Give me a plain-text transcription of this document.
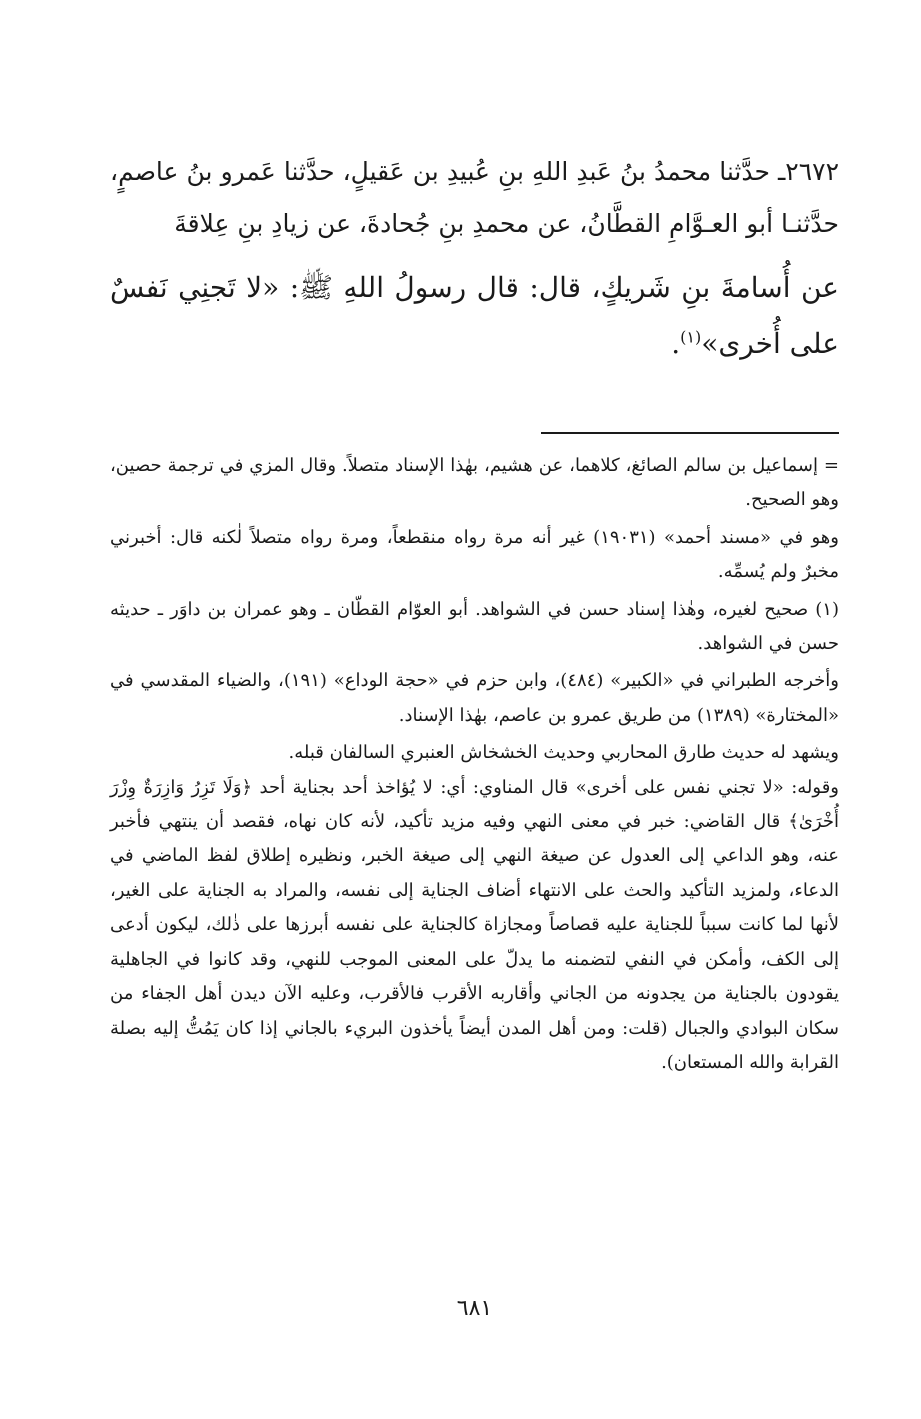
٢٦٧٢ـ حدَّثنا محمدُ بنُ عَبدِ اللهِ بنِ عُبيدِ بن عَقيلٍ، حدَّثنا عَمرو بنُ عاصمٍ، حدَّثنـا أبو العـوَّامِ القطَّانُ، عن محمدِ بنِ جُحادةَ، عن زيادِ بنِ عِلاقةَ

عن أُسامةَ بنِ شَريكٍ، قال: قال رسولُ اللهِ ﷺ: «لا تَجنِي نَفسٌ على أُخرى»$^{(١)}$.

= إسماعيل بن سالم الصائغ، كلاهما، عن هشيم، بهٰذا الإسناد متصلاً. وقال المزي في ترجمة حصين، وهو الصحيح.

وهو في «مسند أحمد» (١٩٠٣١) غير أنه مرة رواه منقطعاً، ومرة رواه متصلاً لٰكنه قال: أخبرني مخبرٌ ولم يُسمِّه.

(١) صحيح لغيره، وهٰذا إسناد حسن في الشواهد. أبو العوّام القطّان ـ وهو عمران بن داوَر ـ حديثه حسن في الشواهد.

وأخرجه الطبراني في «الكبير» (٤٨٤)، وابن حزم في «حجة الوداع» (١٩١)، والضياء المقدسي في «المختارة» (١٣٨٩) من طريق عمرو بن عاصم، بهٰذا الإسناد.

ويشهد له حديث طارق المحاربي وحديث الخشخاش العنبري السالفان قبله.

وقوله: «لا تجني نفس على أخرى» قال المناوي: أي: لا يُؤاخذ أحد بجناية أحد ﴿وَلَا تَزِرُ وَازِرَةٌ وِزْرَ أُخْرَىٰ﴾ قال القاضي: خبر في معنى النهي وفيه مزيد تأكيد، لأنه كان نهاه، فقصد أن ينتهي فأخبر عنه، وهو الداعي إلى العدول عن صيغة النهي إلى صيغة الخبر، ونظيره إطلاق لفظ الماضي في الدعاء، ولمزيد التأكيد والحث على الانتهاء أضاف الجناية إلى نفسه، والمراد به الجناية على الغير، لأنها لما كانت سبباً للجناية عليه قصاصاً ومجازاة كالجناية على نفسه أبرزها على ذٰلك، ليكون أدعى إلى الكف، وأمكن في النفي لتضمنه ما يدلّ على المعنى الموجب للنهي، وقد كانوا في الجاهلية يقودون بالجناية من يجدونه من الجاني وأقاربه الأقرب فالأقرب، وعليه الآن ديدن أهل الجفاء من سكان البوادي والجبال (قلت: ومن أهل المدن أيضاً يأخذون البريء بالجاني إذا كان يَمُتُّ إليه بصلة القرابة والله المستعان).

٦٨١
